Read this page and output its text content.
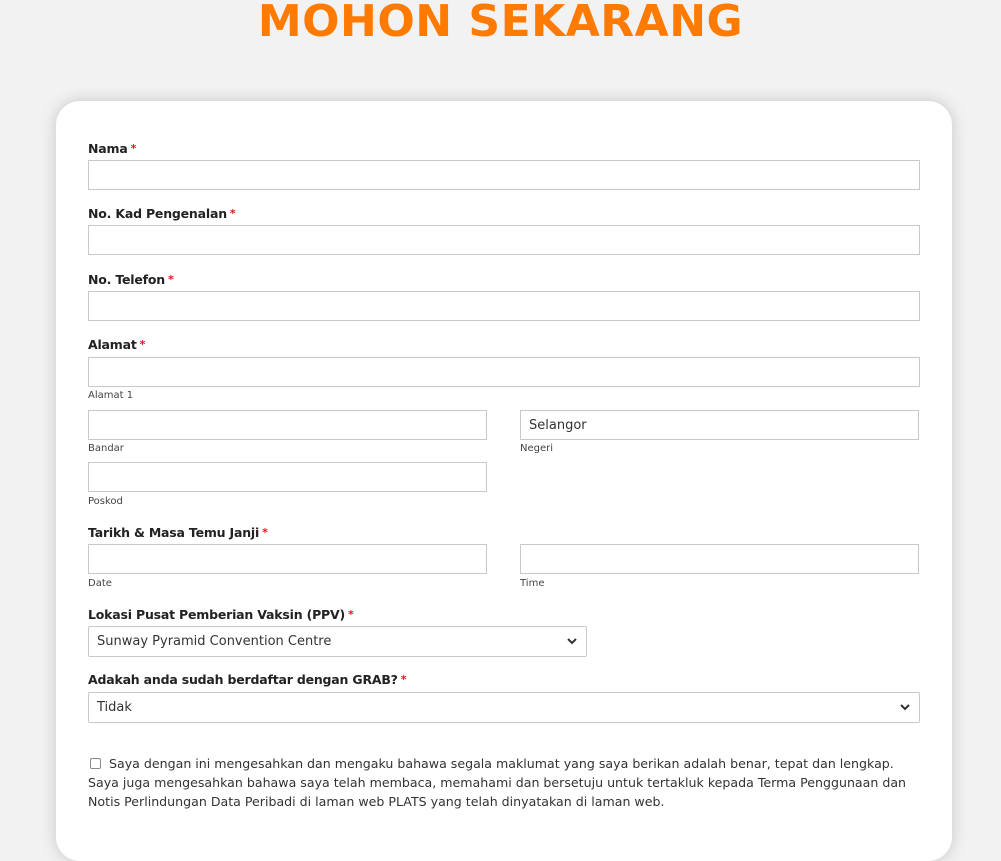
MOHON SEKARANG
Nama *
No. Kad Pengenalan *
No. Telefon *
Alamat *
Alamat 1
Bandar
Selangor	Negeri
Poskod
Tarikh & Masa Temu Janji *
Date	Time
Lokasi Pusat Pemberian Vaksin (PPV) *
Sunway Pyramid Convention Centre
Adakah anda sudah berdaftar dengan GRAB? *
Tidak
Saya dengan ini mengesahkan dan mengaku bahawa segala maklumat yang saya berikan adalah benar, tepat dan lengkap. Saya juga mengesahkan bahawa saya telah membaca, memahami dan bersetuju untuk tertakluk kepada Terma Penggunaan dan Notis Perlindungan Data Peribadi di laman web PLATS yang telah dinyatakan di laman web.
